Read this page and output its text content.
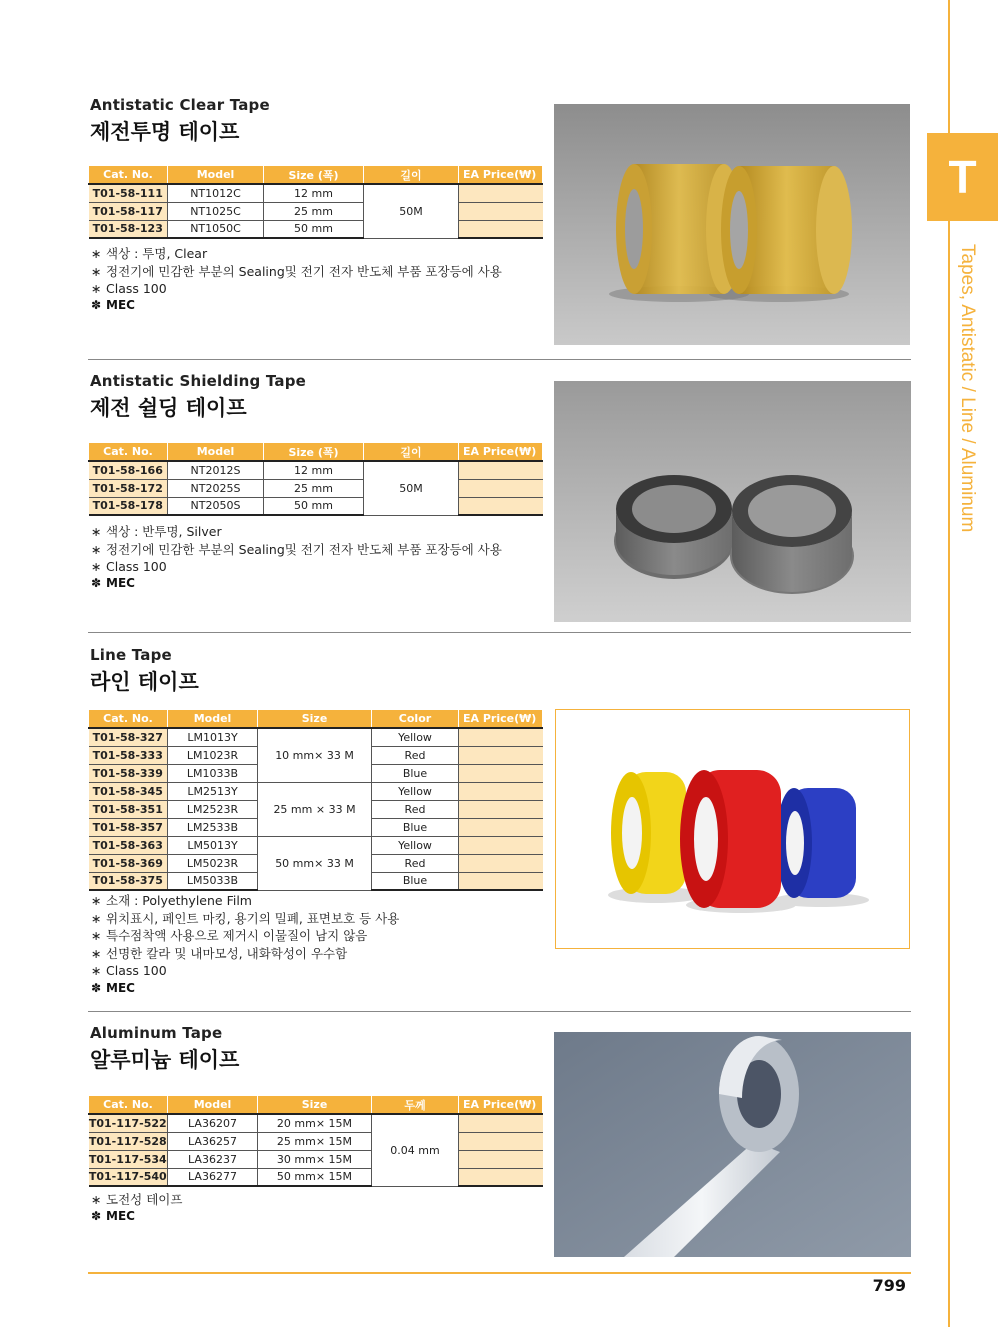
T
Tapes, Antistatic / Line / Aluminum
Antistatic Clear Tape
제전투명 테이프
Cat. No.	Model	Size (폭)	길이	EA Price(₩)
T01-58-111	NT1012C	12 mm	50M	
T01-58-117	NT1025C	25 mm		
T01-58-123	NT1050C	50 mm		
∗ 색상 : 투명, Clear
∗ 정전기에 민감한 부분의 Sealing및 전기 전자 반도체 부품 포장등에 사용
∗ Class 100
✽ MEC
Antistatic Shielding Tape
제전 쉴딩 테이프
Cat. No.	Model	Size (폭)	길이	EA Price(₩)
T01-58-166	NT2012S	12 mm	50M	
T01-58-172	NT2025S	25 mm		
T01-58-178	NT2050S	50 mm		
∗ 색상 : 반투명, Silver
∗ 정전기에 민감한 부분의 Sealing및 전기 전자 반도체 부품 포장등에 사용
∗ Class 100
✽ MEC
Line Tape
라인 테이프
Cat. No.	Model	Size	Color	EA Price(₩)
T01-58-327	LM1013Y	10 mm× 33 M	Yellow	
T01-58-333	LM1023R		Red	
T01-58-339	LM1033B		Blue	
T01-58-345	LM2513Y	25 mm × 33 M	Yellow	
T01-58-351	LM2523R		Red	
T01-58-357	LM2533B		Blue	
T01-58-363	LM5013Y	50 mm× 33 M	Yellow	
T01-58-369	LM5023R		Red	
T01-58-375	LM5033B		Blue	
∗ 소재 : Polyethylene Film
∗ 위치표시, 페인트 마킹, 용기의 밀폐, 표면보호 등 사용
∗ 특수점착액 사용으로 제거시 이물질이 남지 않음
∗ 선명한 칼라 및 내마모성, 내화학성이 우수함
∗ Class 100
✽ MEC
Aluminum Tape
알루미늄 테이프
Cat. No.	Model	Size	두께	EA Price(₩)
T01-117-522	LA36207	20 mm× 15M	0.04 mm	
T01-117-528	LA36257	25 mm× 15M		
T01-117-534	LA36237	30 mm× 15M		
T01-117-540	LA36277	50 mm× 15M		
∗ 도전성 테이프
✽ MEC
799
